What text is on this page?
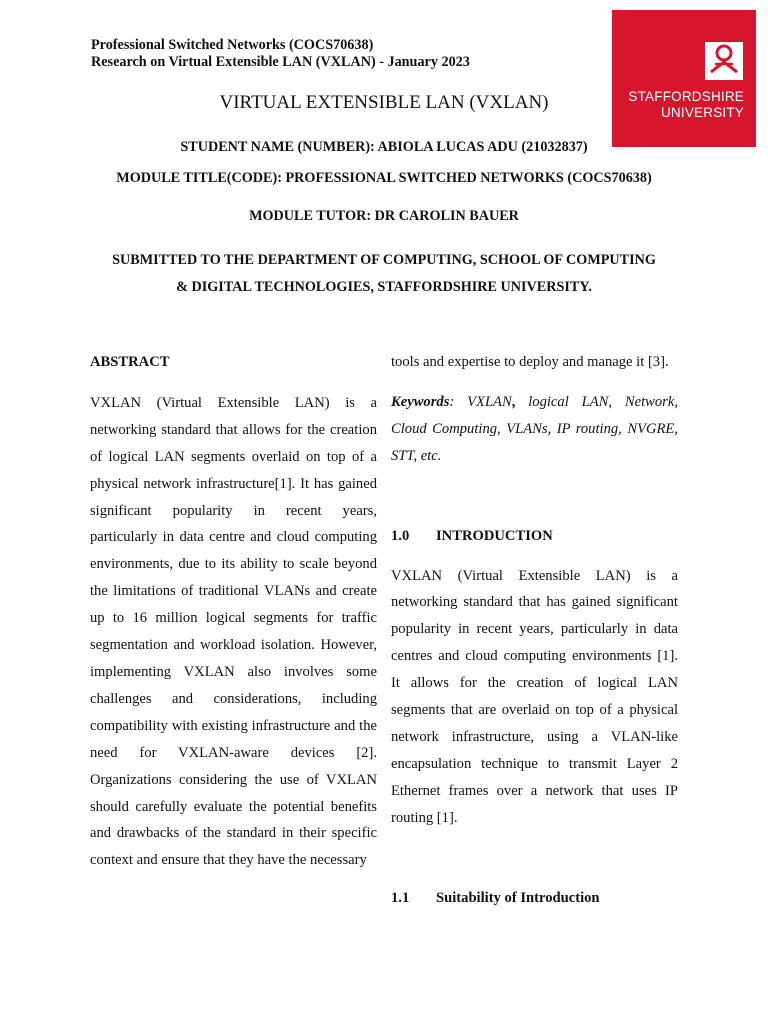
Professional Switched Networks (COCS70638)
Research on Virtual Extensible LAN (VXLAN) - January 2023
STAFFORDSHIRE
UNIVERSITY
VIRTUAL EXTENSIBLE LAN (VXLAN)
STUDENT NAME (NUMBER): ABIOLA LUCAS ADU (21032837)
MODULE TITLE(CODE): PROFESSIONAL SWITCHED NETWORKS (COCS70638)
MODULE TUTOR: DR CAROLIN BAUER
SUBMITTED TO THE DEPARTMENT OF COMPUTING, SCHOOL OF COMPUTING
& DIGITAL TECHNOLOGIES, STAFFORDSHIRE UNIVERSITY.
ABSTRACT

VXLAN (Virtual Extensible LAN) is a networking standard that allows for the creation of logical LAN segments overlaid on top of a physical network infrastructure[1]. It has gained significant popularity in recent years, particularly in data centre and cloud computing environments, due to its ability to scale beyond the limitations of traditional VLANs and create up to 16 million logical segments for traffic segmentation and workload isolation. However, implementing VXLAN also involves some challenges and considerations, including compatibility with existing infrastructure and the need for VXLAN-aware devices [2]. Organizations considering the use of VXLAN should carefully evaluate the potential benefits and drawbacks of the standard in their specific context and ensure that they have the necessary

tools and expertise to deploy and manage it [3].

Keywords: VXLAN, logical LAN, Network, Cloud Computing, VLANs, IP routing, NVGRE, STT, etc.

1.0 INTRODUCTION

VXLAN (Virtual Extensible LAN) is a networking standard that has gained significant popularity in recent years, particularly in data centres and cloud computing environments [1]. It allows for the creation of logical LAN segments that are overlaid on top of a physical network infrastructure, using a VLAN-like encapsulation technique to transmit Layer 2 Ethernet frames over a network that uses IP routing [1].

1.1 Suitability of Introduction
